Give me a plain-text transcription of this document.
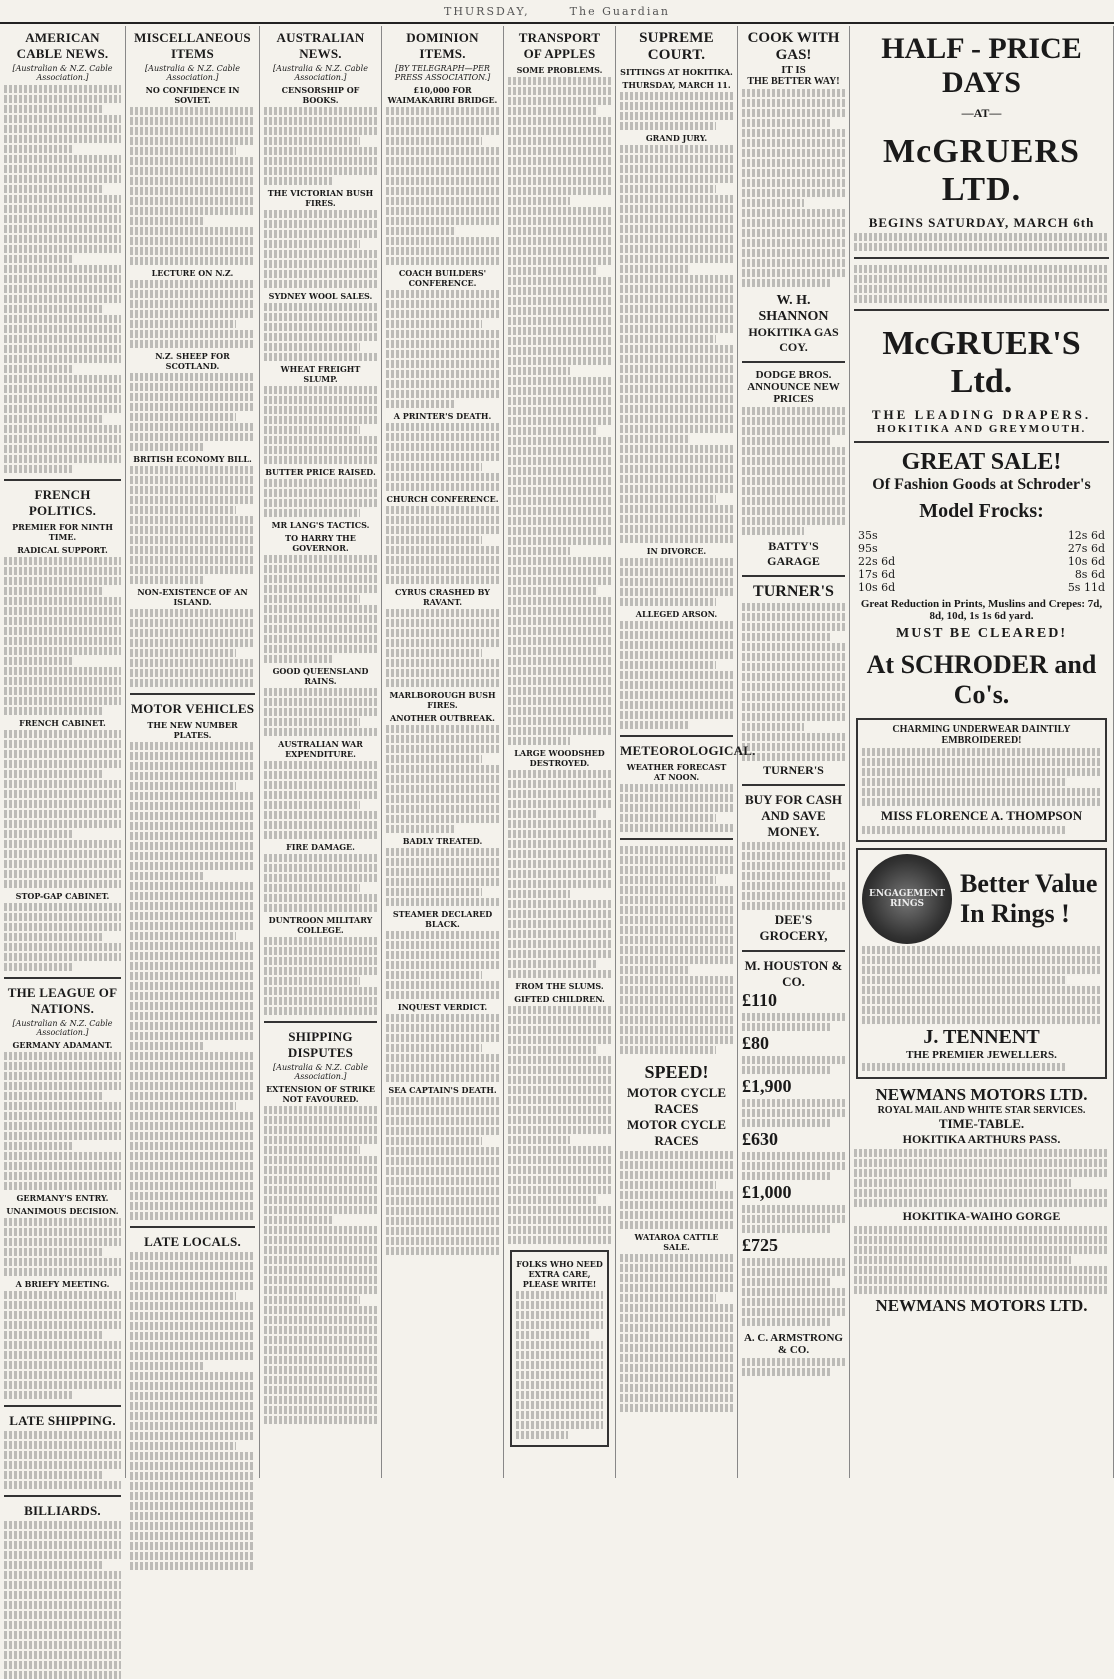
THURSDAY,	The Guardian
AMERICAN CABLE NEWS.
[Australian & N.Z. Cable Association.]
FRENCH POLITICS.
PREMIER FOR NINTH TIME.
RADICAL SUPPORT.
FRENCH CABINET.
STOP-GAP CABINET.
THE LEAGUE OF NATIONS.
[Australian & N.Z. Cable Association.]
GERMANY ADAMANT.
GERMANY'S ENTRY.
UNANIMOUS DECISION.
A BRIEFY MEETING.
LATE SHIPPING.
BILLIARDS.
MISCELLANEOUS ITEMS
[Australia & N.Z. Cable Association.]
NO CONFIDENCE IN SOVIET.
LECTURE ON N.Z.
N.Z. SHEEP FOR SCOTLAND.
BRITISH ECONOMY BILL.
NON-EXISTENCE OF AN ISLAND.
MOTOR VEHICLES
THE NEW NUMBER PLATES.
LATE LOCALS.
AUSTRALIAN NEWS.
[Australia & N.Z. Cable Association.]
CENSORSHIP OF BOOKS.
THE VICTORIAN BUSH FIRES.
SYDNEY WOOL SALES.
WHEAT FREIGHT SLUMP.
BUTTER PRICE RAISED.
MR LANG'S TACTICS.
TO HARRY THE GOVERNOR.
GOOD QUEENSLAND RAINS.
AUSTRALIAN WAR EXPENDITURE.
FIRE DAMAGE.
DUNTROON MILITARY COLLEGE.
SHIPPING DISPUTES
[Australia & N.Z. Cable Association.]
EXTENSION OF STRIKE NOT FAVOURED.
DOMINION ITEMS.
[BY TELEGRAPH—PER PRESS ASSOCIATION.]
£10,000 FOR WAIMAKARIRI BRIDGE.
COACH BUILDERS' CONFERENCE.
A PRINTER'S DEATH.
CHURCH CONFERENCE.
CYRUS CRASHED BY RAVANT.
MARLBOROUGH BUSH FIRES.
ANOTHER OUTBREAK.
BADLY TREATED.
STEAMER DECLARED BLACK.
INQUEST VERDICT.
SEA CAPTAIN'S DEATH.
TRANSPORT OF APPLES
SOME PROBLEMS.
LARGE WOODSHED DESTROYED.
FROM THE SLUMS.
GIFTED CHILDREN.
FOLKS WHO NEED EXTRA CARE, PLEASE WRITE!
SUPREME COURT.
SITTINGS AT HOKITIKA.
THURSDAY, MARCH 11.
GRAND JURY.
IN DIVORCE.
ALLEGED ARSON.
METEOROLOGICAL.
WEATHER FORECAST AT NOON.
SPEED!
MOTOR CYCLE RACES
MOTOR CYCLE RACES
WATAROA CATTLE SALE.
COOK WITH GAS!
IT IS
THE BETTER WAY!
W. H. SHANNON
HOKITIKA GAS COY.
DODGE BROS. ANNOUNCE NEW PRICES
BATTY'S GARAGE
TURNER'S
TURNER'S
BUY FOR CASH AND SAVE MONEY.
DEE'S GROCERY,
M. HOUSTON & CO.
£110
£80
£1,900
£630
£1,000
£725
A. C. ARMSTRONG & CO.
HALF - PRICE DAYS
—AT—
McGRUERS LTD.
BEGINS SATURDAY, MARCH 6th
McGRUER'S Ltd.
THE LEADING DRAPERS.
HOKITIKA AND GREYMOUTH.
GREAT SALE!
Of Fashion Goods at Schroder's
Model Frocks:
35s	12s 6d
95s	27s 6d
22s 6d	10s 6d
17s 6d	8s 6d
10s 6d	5s 11d
Great Reduction in Prints, Muslins and Crepes: 7d, 8d, 10d, 1s 1s 6d yard.
MUST BE CLEARED!
At SCHRODER and Co's.
CHARMING UNDERWEAR DAINTILY EMBROIDERED!
MISS FLORENCE A. THOMPSON
ENGAGEMENT RINGS
Better Value
In Rings !
J. TENNENT
THE PREMIER JEWELLERS.
NEWMANS MOTORS LTD.
ROYAL MAIL AND WHITE STAR SERVICES.
TIME-TABLE.
HOKITIKA ARTHURS PASS.
HOKITIKA-WAIHO GORGE
NEWMANS MOTORS LTD.
